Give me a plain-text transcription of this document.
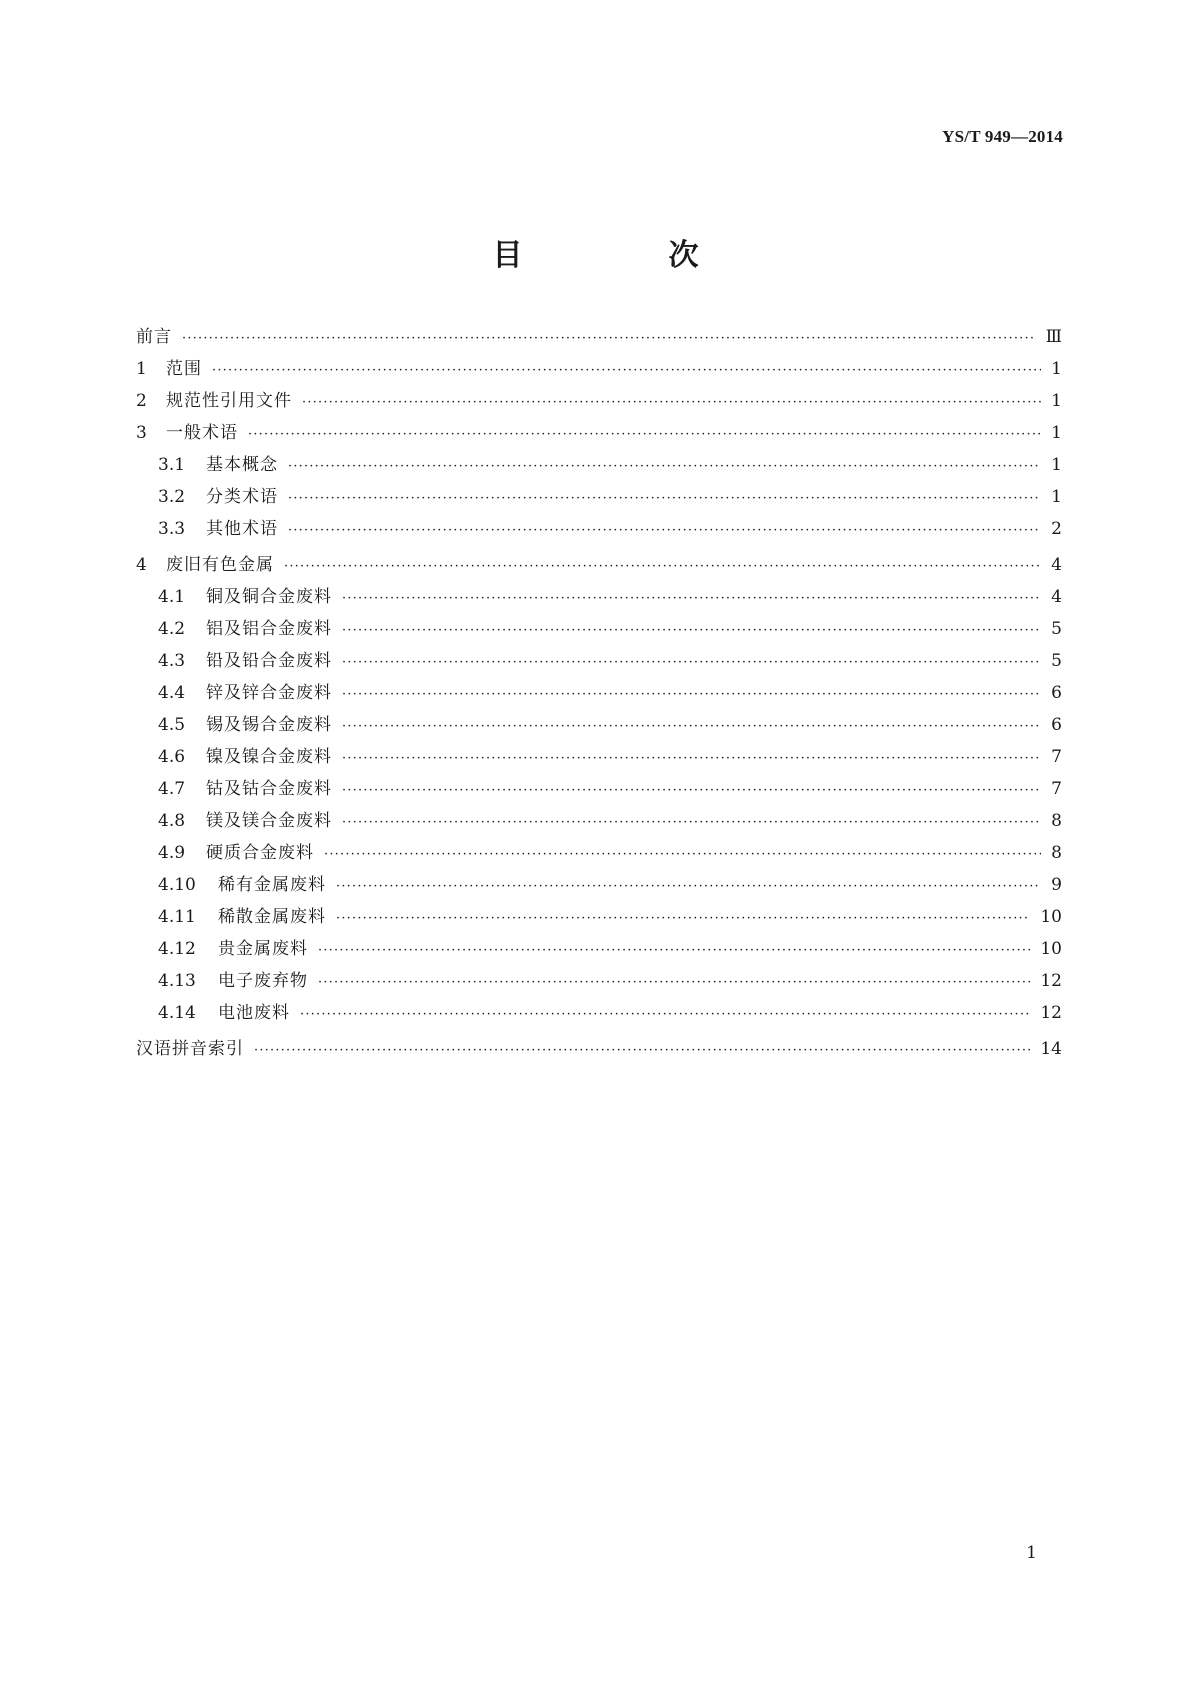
YS/T 949—2014
目　次
前言 ·····	Ⅲ
1	范围 ·····	1
2	规范性引用文件 ·····	1
3	一般术语 ·····	1
3.1	基本概念 ·····	1
3.2	分类术语 ·····	1
3.3	其他术语 ·····	2
4	废旧有色金属 ·····	4
4.1	铜及铜合金废料 ·····	4
4.2	铝及铝合金废料 ·····	5
4.3	铅及铅合金废料 ·····	5
4.4	锌及锌合金废料 ·····	6
4.5	锡及锡合金废料 ·····	6
4.6	镍及镍合金废料 ·····	7
4.7	钴及钴合金废料 ·····	7
4.8	镁及镁合金废料 ·····	8
4.9	硬质合金废料 ·····	8
4.10	稀有金属废料 ·····	9
4.11	稀散金属废料 ·····	10
4.12	贵金属废料 ·····	10
4.13	电子废弃物 ·····	12
4.14	电池废料 ·····	12
汉语拼音索引 ·····	14
1
